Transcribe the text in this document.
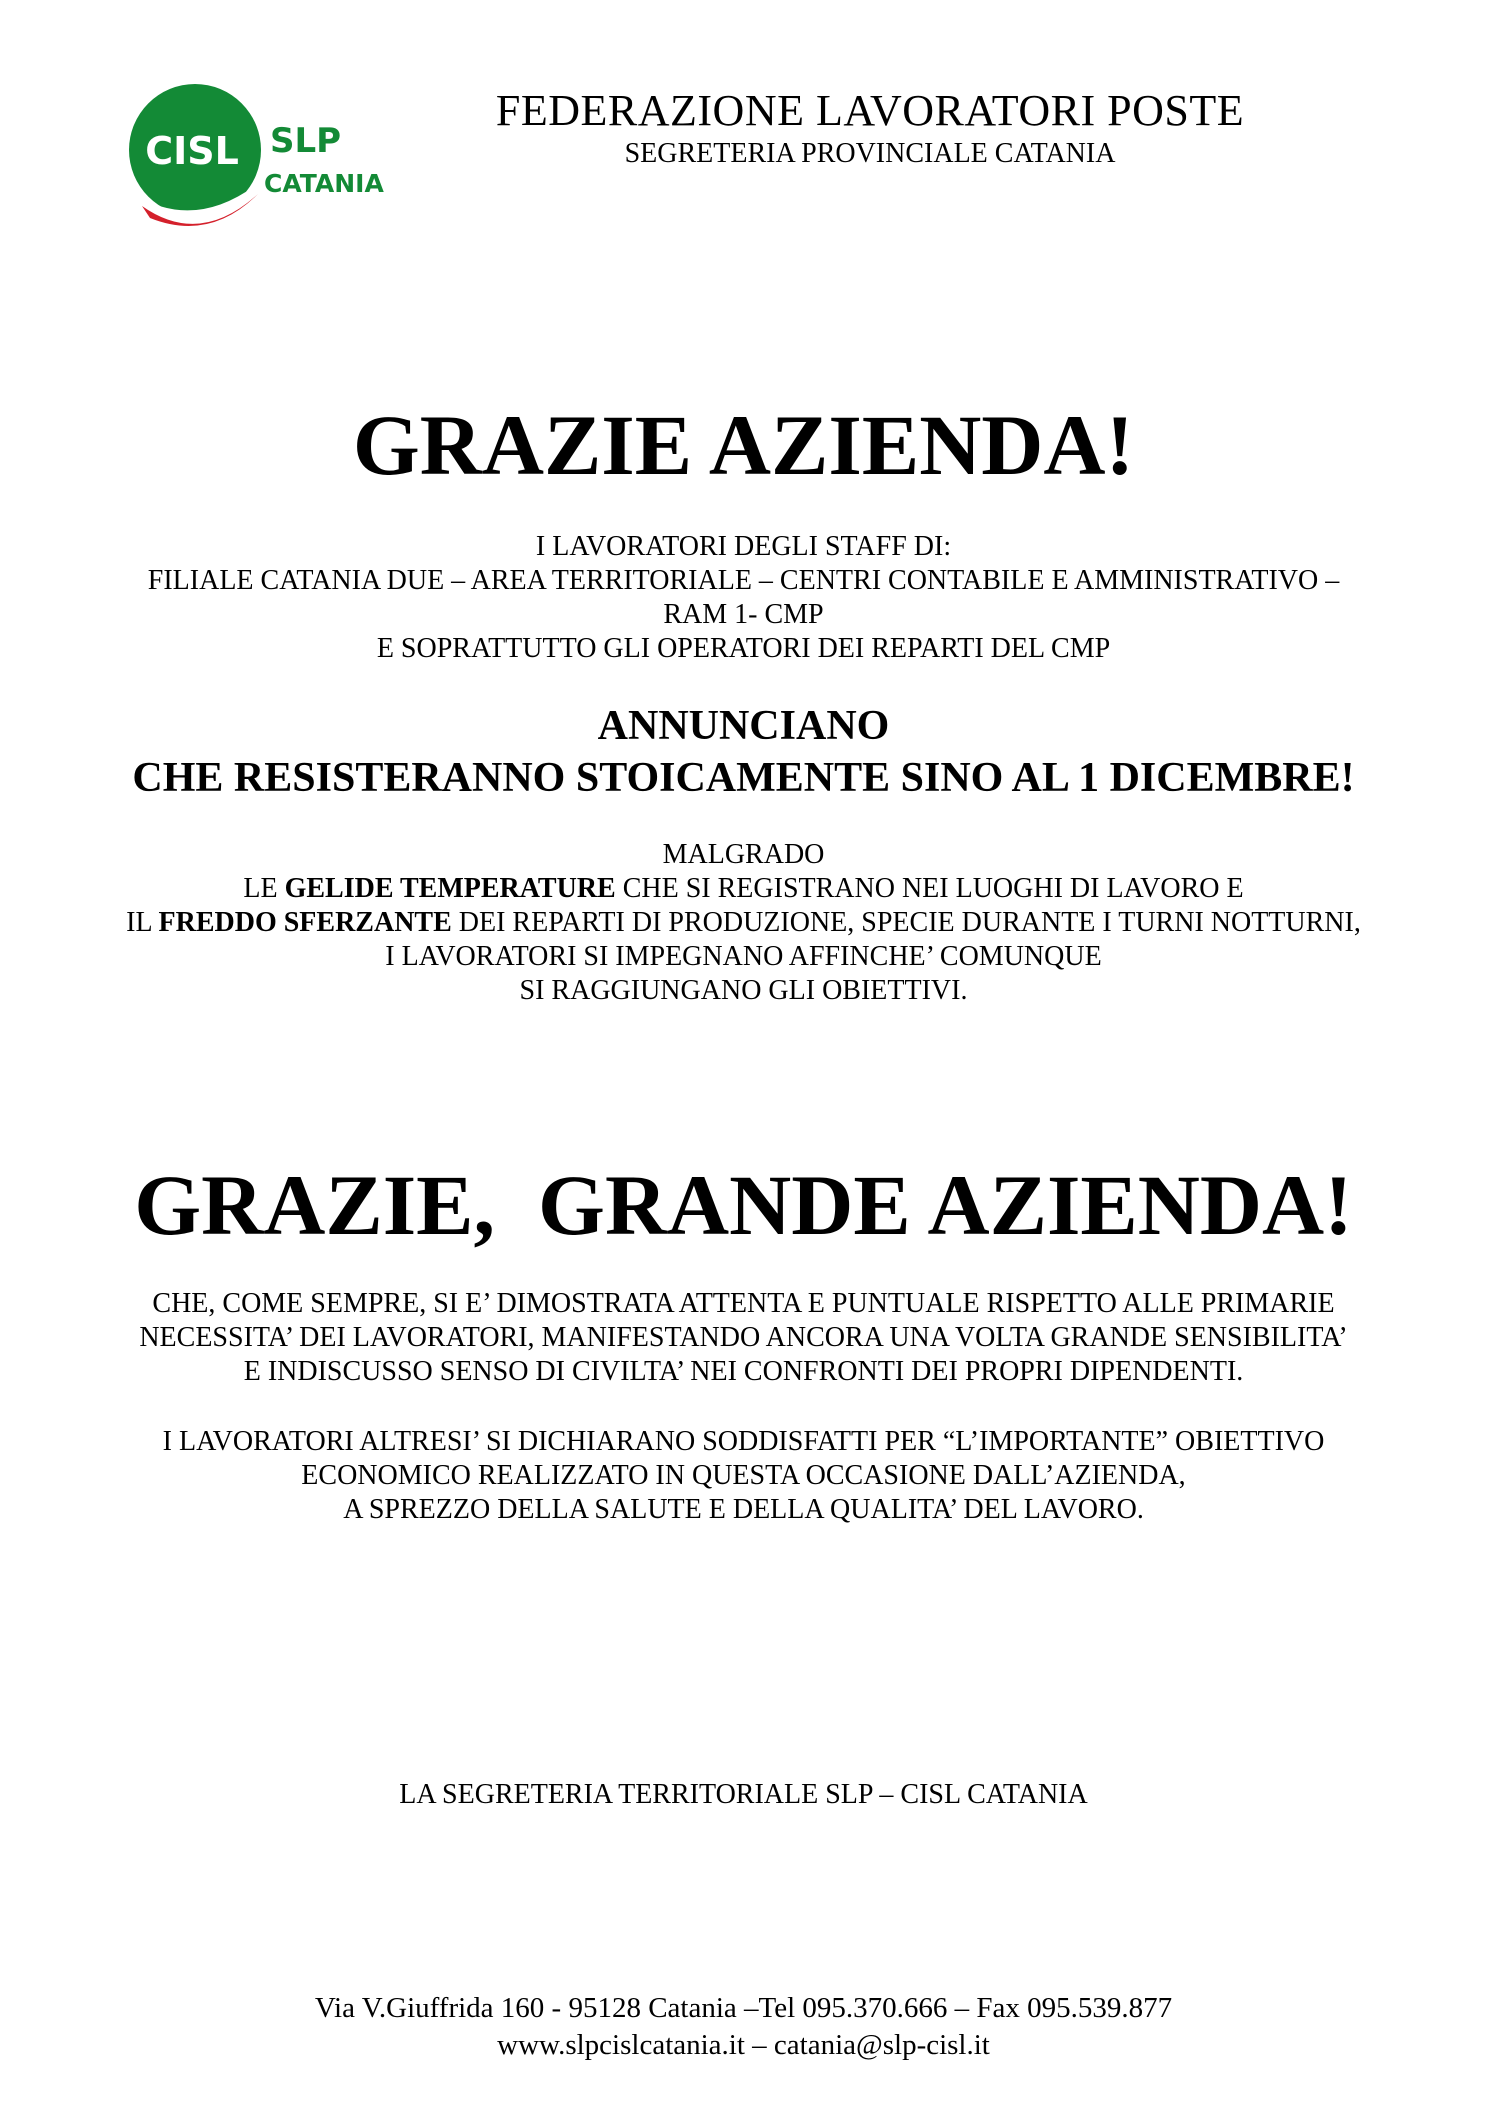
CISL SLP
CATANIA
FEDERAZIONE LAVORATORI POSTE
SEGRETERIA PROVINCIALE CATANIA
GRAZIE AZIENDA!
I LAVORATORI DEGLI STAFF DI:
FILIALE CATANIA DUE – AREA TERRITORIALE – CENTRI CONTABILE E AMMINISTRATIVO –
RAM 1- CMP
E SOPRATTUTTO GLI OPERATORI DEI REPARTI DEL CMP
ANNUNCIANO
CHE RESISTERANNO STOICAMENTE SINO AL 1 DICEMBRE!
MALGRADO
LE GELIDE TEMPERATURE CHE SI REGISTRANO NEI LUOGHI DI LAVORO E
IL FREDDO SFERZANTE DEI REPARTI DI PRODUZIONE, SPECIE DURANTE I TURNI NOTTURNI,
I LAVORATORI SI IMPEGNANO AFFINCHE’ COMUNQUE
SI RAGGIUNGANO GLI OBIETTIVI.
GRAZIE,  GRANDE AZIENDA!
CHE, COME SEMPRE, SI E’ DIMOSTRATA ATTENTA E PUNTUALE RISPETTO ALLE PRIMARIE
NECESSITA’ DEI LAVORATORI, MANIFESTANDO ANCORA UNA VOLTA GRANDE SENSIBILITA’
E INDISCUSSO SENSO DI CIVILTA’ NEI CONFRONTI DEI PROPRI DIPENDENTI.
I LAVORATORI ALTRESI’ SI DICHIARANO SODDISFATTI PER “L’IMPORTANTE” OBIETTIVO
ECONOMICO REALIZZATO IN QUESTA OCCASIONE DALL’AZIENDA,
A SPREZZO DELLA SALUTE E DELLA QUALITA’ DEL LAVORO.
LA SEGRETERIA TERRITORIALE SLP – CISL CATANIA
Via V.Giuffrida 160 - 95128 Catania –Tel 095.370.666 – Fax 095.539.877
www.slpcislcatania.it – catania@slp-cisl.it
